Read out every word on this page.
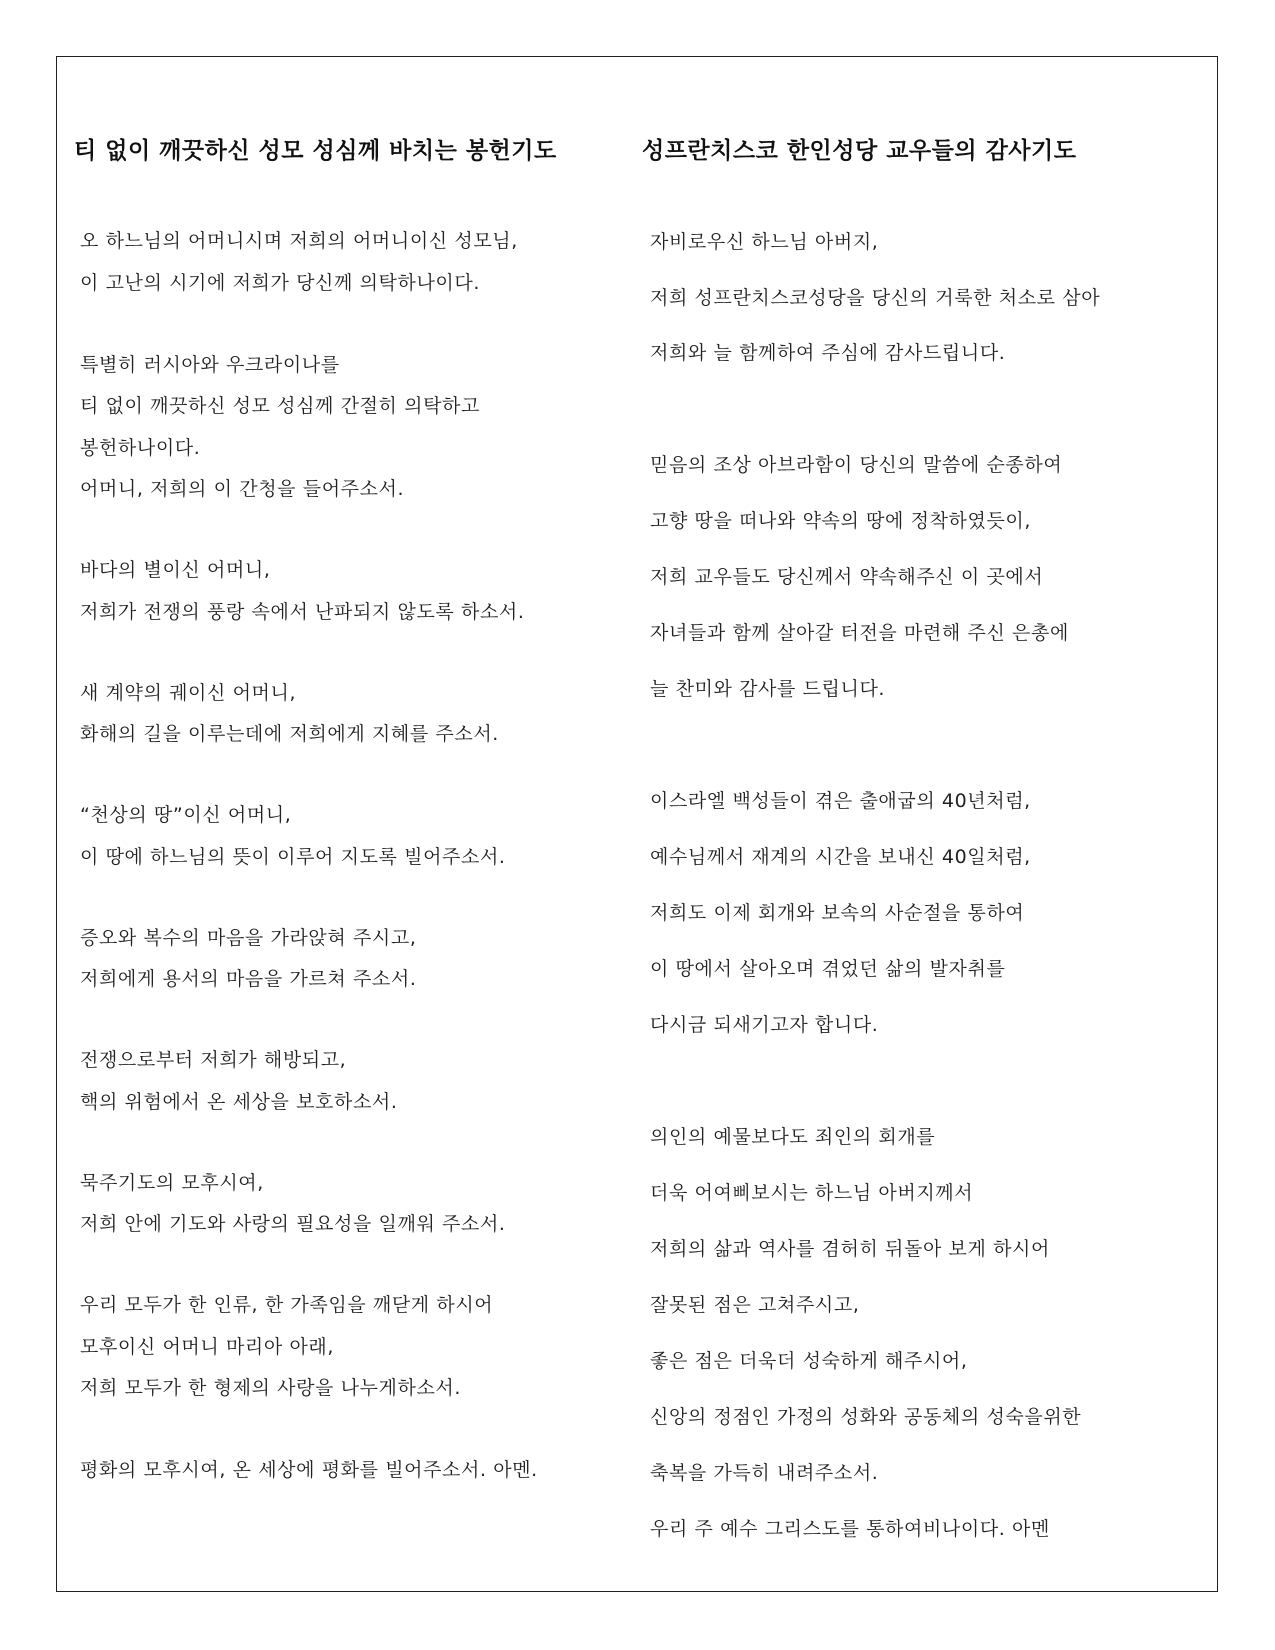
티 없이 깨끗하신 성모 성심께 바치는 봉헌기도	성프란치스코 한인성당 교우들의 감사기도
오 하느님의 어머니시며 저희의 어머니이신 성모님,
이 고난의 시기에 저희가 당신께 의탁하나이다.
특별히 러시아와 우크라이나를
티 없이 깨끗하신 성모 성심께 간절히 의탁하고
봉헌하나이다.
어머니, 저희의 이 간청을 들어주소서.
바다의 별이신 어머니,
저희가 전쟁의 풍랑 속에서 난파되지 않도록 하소서.
새 계약의 궤이신 어머니,
화해의 길을 이루는데에 저희에게 지혜를 주소서.
“천상의 땅”이신 어머니,
이 땅에 하느님의 뜻이 이루어 지도록 빌어주소서.
증오와 복수의 마음을 가라앉혀 주시고,
저희에게 용서의 마음을 가르쳐 주소서.
전쟁으로부터 저희가 해방되고,
핵의 위험에서 온 세상을 보호하소서.
묵주기도의 모후시여,
저희 안에 기도와 사랑의 필요성을 일깨워 주소서.
우리 모두가 한 인류, 한 가족임을 깨닫게 하시어
모후이신 어머니 마리아 아래,
저희 모두가 한 형제의 사랑을 나누게하소서.
평화의 모후시여, 온 세상에 평화를 빌어주소서. 아멘.
자비로우신 하느님 아버지,
저희 성프란치스코성당을 당신의 거룩한 처소로 삼아
저희와 늘 함께하여 주심에 감사드립니다.
믿음의 조상 아브라함이 당신의 말씀에 순종하여
고향 땅을 떠나와 약속의 땅에 정착하였듯이,
저희 교우들도 당신께서 약속해주신 이 곳에서
자녀들과 함께 살아갈 터전을 마련해 주신 은총에
늘 찬미와 감사를 드립니다.
이스라엘 백성들이 겪은 출애굽의 40년처럼,
예수님께서 재계의 시간을 보내신 40일처럼,
저희도 이제 회개와 보속의 사순절을 통하여
이 땅에서 살아오며 겪었던 삶의 발자취를
다시금 되새기고자 합니다.
의인의 예물보다도 죄인의 회개를
더욱 어여삐보시는 하느님 아버지께서
저희의 삶과 역사를 겸허히 뒤돌아 보게 하시어
잘못된 점은 고쳐주시고,
좋은 점은 더욱더 성숙하게 해주시어,
신앙의 정점인 가정의 성화와 공동체의 성숙을위한
축복을 가득히 내려주소서.
우리 주 예수 그리스도를 통하여비나이다. 아멘
